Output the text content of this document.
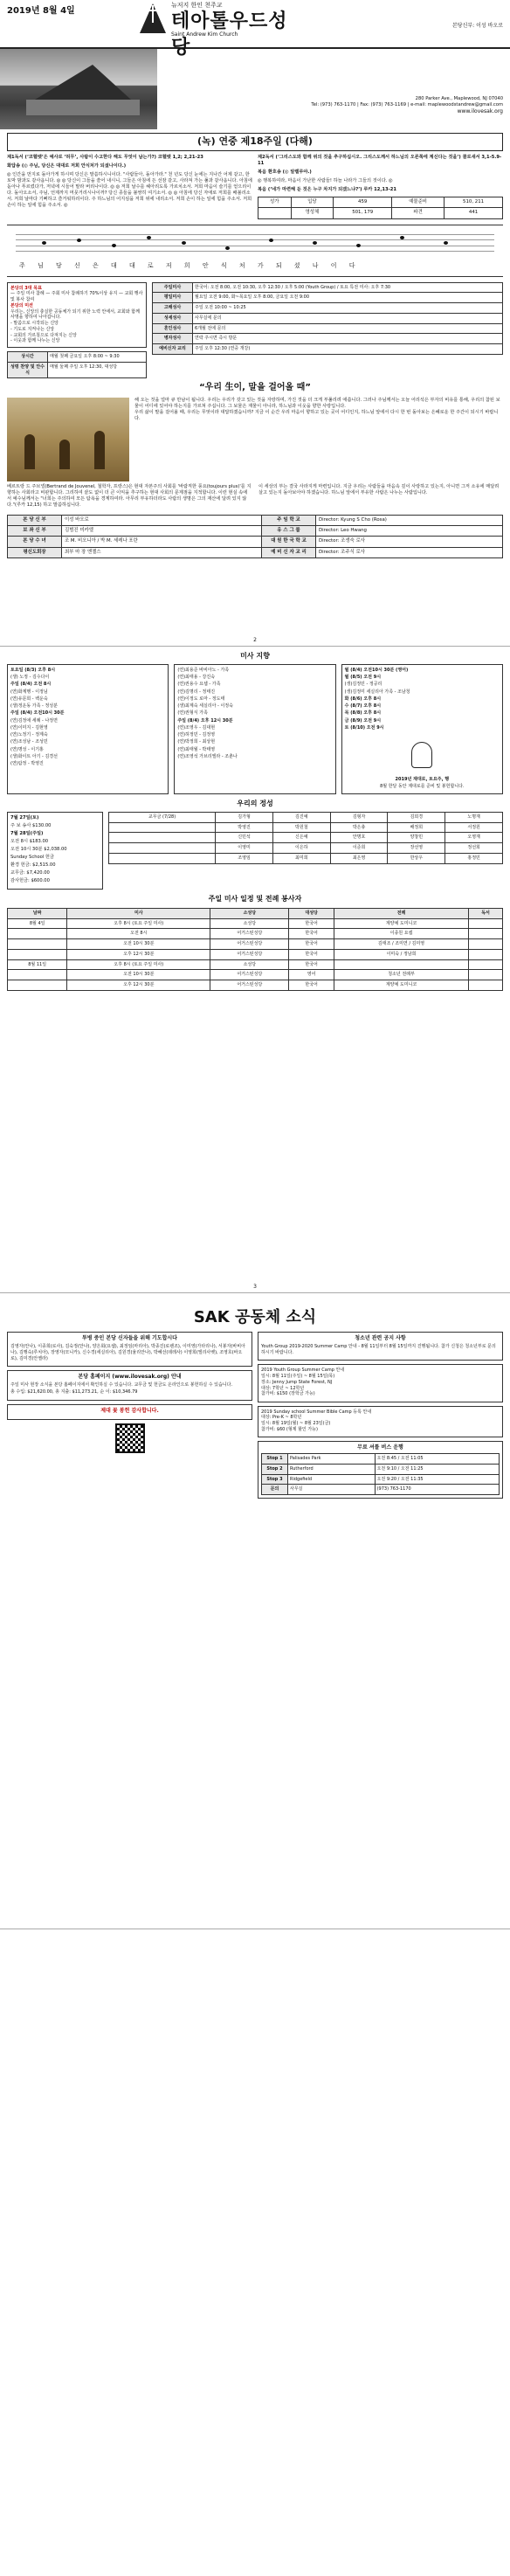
2019년 8월 4일
뉴저지 한인 천주교
테아톨우드성당
Saint Andrew Kim Church
본당신부: 이성 바오로
280 Parker Ave., Maplewood, NJ 07040
Tel: (973) 763-1170 | Fax: (973) 763-1169 | e-mail: maplewoodstandrew@gmail.com
www.ilovesak.org
(녹) 연중 제18주일 (다해)

제1독서 (‘코헬렛’은 예사로 ‘허무’, 사람이 수고한다 해도 무엇이 남는가?) 코헬렛 1,2; 2,21-23

화답송 (◎ 주님, 당신은 대대로 저희 안식처가 되셨나이다.)

◎ 인간을 먼지로 돌아가게 하시며 당신은 말씀하시니이다. "사람들아, 돌아가라." 천 년도 당신 눈에는 지나간 어제 같고, 한 토막 밤과도 같사옵니다. ◎ ◎ 당신이 그들을 쓸어 내시니, 그들은 아침에 든 선잠 같고, 사라져 가는 풀과 같사옵니다. 아침에 돋아나 푸르렀다가, 저녁에 시들어 말라 버리나이다. ◎ ◎ 저희 날수를 헤아리도록 가르치소서. 저희 마음이 슬기를 얻으리이다. 돌아오소서, 주님, 언제까지 머뭇거리시나이까? 당신 종들을 불쌍히 여기소서. ◎ ◎ 아침에 당신 자애로 저희를 배불리소서. 저희 날마다 기뻐하고 즐거워하리이다. 주 하느님의 어지심을 저희 위에 내리소서. 저희 손이 하는 일에 힘을 주소서. 저희 손이 하는 일에 힘을 주소서. ◎

제2독서 (‘그리스도와 함께 위의 것을 추구하십시오. 그리스도께서 하느님의 오른쪽에 계신다는 것을’) 콜로새서 3,1-5.9-11

복음 환호송 (◎ 알렐루야.)

◎ 행복하여라, 마음이 가난한 사람들! 하늘 나라가 그들의 것이다. ◎

복음 (‘네가 마련해 둔 것은 누구 차지가 되겠느냐?’) 루카 12,13-21

성가	입당	459	예물준비	510, 211
	영성체	501, 179	파견	441
주 님 당 신 은 대 대 로 저 희 안 식 처 가 되 셨 나 이 다
본당의 3대 목표
— 주일 미사 참례 — 주회 미사 참례하기 70%이상 유지 — 교회 행사 및 봉사 참여
본당의 미션
우리는, 신앙의 충실한 공동체가 되기 위한 노력 안에서, 교회와 함께 사명을 향하여 나아갑니다.
- 말씀으로 시작되는 신앙
- 기도로 지켜나는 신앙
- 교회의 가르침으로 다져지는 신앙
- 이웃과 함께 나누는 신앙
상시간	매월 첫째 금요일 오후 8:00 ~ 9:30
성령 찬양 및 안수식	매월 둘째 주일 오후 12:30, 대성당
주일미사	한국어: 오전 8:00, 오전 10:30, 오후 12:30 / 오후 5:00 (Youth Group) / 토요 특전 미사: 오후 7:30
평일미사	월요일 오전 9:00, 화~목요일 오후 8:00, 금요일 오전 9:00
고해성사	주일 오전 10:00 ~ 10:25
성세성사	사무실에 문의
혼인성사	6개월 전에 문의
병자성사	연락 주시면 즉시 방문
예비신자 교리	주일 오후 12:30 (연중 개강)
“우리 生이, 말을 걸어올 때”

해 오는 것을 얼마 큐 만남이 됩니다. 우리는 우리가 갖고 있는 것을 자랑하며, 가진 것을 더 크게 부풀리려 애씁니다. 그러나 주님께서는 오늘 어리석은 부자의 비유를 통해, 우리의 참된 보물이 어디에 있어야 하는지를 가르쳐 주십니다. 그 보물은 재물이 아니라, 하느님과 이웃을 향한 사랑입니다.

우리 삶이 말을 걸어올 때, 우리는 무엇이라 대답하겠습니까? 지금 이 순간 우리 마음이 향하고 있는 곳이 어디인지, 하느님 앞에서 다시 한 번 돌아보는 은혜로운 한 주간이 되시기 바랍니다.

베르트랑 드 주브넬(Bertrand de Jouvenel, 철학자, 프랑스)은 현대 자본주의 사회를 '바람직한 풍요(toujours plus)'를 지향하는 사회라고 비판합니다. 그리하여 끝도 없이 더 큰 이익을 추구하는 현대 사회의 문제점을 지적합니다. 이런 현실 속에서 예수님께서는 "너희는 주의하여 모든 탐욕을 경계하여라. 아무리 부유하더라도 사람의 생명은 그의 재산에 달려 있지 않다."(루카 12,15) 하고 말씀하십니다.

이 세상의 부는 결국 사라지게 마련입니다. 지금 우리는 사람들을 마음속 깊이 사랑하고 있는지, 아니면 그저 소유에 매달려 살고 있는지 돌아보아야 하겠습니다. 하느님 앞에서 부유한 사람은 나누는 사람입니다.

본 당 신 부	이성 바오로	주 임 학 교	Director: Kyung S Cho (Rosa)
보 좌 신 부	김범진 미카엘	유 스 그 룹	Director: Leo Hwang
본 당 수 녀	조 M. 비오니아 / 박 M. 세레나 포란	대 원 한 국 학 교	Director: 조생숙 로사
평신도회장	최부 마 장 엔젤스	예 비 신 자 교 리	Director: 조주식 로사
2
미사 지향

토요일 (8/3) 오후 8시

(생) 노정 - 김수다이

주일 (8/4) 오전 8시

(연)화계행 - 이정님

(연)유문희 - 백운숙

(생)정운동 가족 - 정성분

주일 (8/4) 오전10시 30분

(연)김정애 세례 - 나정면

(연)이미지 - 김현영

(연)노정기 - 정계숙

(연)조성남 - 조성민

(연)명성 - 이기홍

(생)화이트 아기 - 김경선

(연)탐정 - 박영진

(연)최용준 바비아노 - 가족

(연)최태용 - 강진숙

(연)권용수 요셉 - 가족

(연)김명리 - 정태진

(연)이정도 로마 - 정도태

(생)최계숙 세실리아 - 이정숙

(연)권형식 가족

주일 (8/4) 오후 12시 30분

(연)조영우 - 김대현

(연)허정민 - 김정영

(연)박정희 - 최상현

(연)최태월 - 박태영

(연)조영석 가브리엘라 - 조춘나

월 (8/4) 오전10시 30분 (영어)

월 (8/5) 오전 9시

(생)김정민 - 정공리

(생)김정미 세실리아 가족 - 조남청

화 (8/6) 오후 8시

수 (8/7) 오후 8시

목 (8/8) 오후 8시

금 (8/9) 오전 9시

토 (8/10) 오전 9시

2019년 재대로, 토요주, 행

8월 한달 동안 제대로를 준비 및 봉헌합니다.

우리의 정성

7월 27일(토)

주 보 송사 $130.00

7월 28일(주일)

오전 8시 $183.00

오전 10시 30분 $2,038.00

Sunday School 헌금

환경 헌금: $2,515.00

교무금: $7,420.00

감사헌금: $600.00

교무금 (7/28)	김가형	김진예	김형자	김희경	노명재
	박영진	박원철	박은총	배정희	서정원
	신민석	신은예	안명호	양창민	오영재
	이영미	이은하	이준희	장선영	정선희
	조영임	최미희	최은영	한상우	홍정민
주일 미사 일정 및 전례 봉사자
날짜	미사	소성당	대성당	전례	독서
8월 4일	오후 8시 (토요 주일 미사)	소성당	한국어	계양예 도미니코	
	오전 8시	어거스틴성당	한국어	이종원 요셉	
	오전 10시 30분	어거스틴성당	한국어	김태조 / 조미연 / 김미영	
	오후 12시 30분	어거스틴성당	한국어	이미숙 / 정남희	
8월 11일	오후 8시 (토요 주일 미사)	소성당	한국어		
	오전 10시 30분	어거스틴성당	영어	청소년 전례부	
	오후 12시 30분	어거스틴성당	한국어	계양예 도미니코	
3
SAK 공동체 소식
투병 중인 본당 신자들을 위해 기도합시다

김영자(안나), 이종희(로사), 김숙정(안나), 양은회(요셉), 최정임(마리아), 박종진(로렌조), 이미영(가타리나), 서봉자(바비아나), 김행숙(루치아), 장영자(모니카), 신수경(세실리아), 김원경(율리안나), 박혜선(데레사) 이영희(엘리사벳), 조영호(바오로), 김미경(안젤라)

본당 홈페이지 (www.ilovesak.org) 안내

주일 미사 현장 소식을 본당 홈페이지에서 확인하실 수 있습니다. 교무금 및 헌금도 온라인으로 봉헌하실 수 있습니다.

총 수입: $21,620.00, 총 지출: $11,273.21, 순 이: $10,346.79

제대 꽃 봉헌 감사합니다.
청소년 관련 공지 사항

Youth Group 2019-2020 Summer Camp 안내 - 8월 11일부터 8월 15일까지 진행됩니다. 참가 신청은 청소년부로 문의하시기 바랍니다.

2019 Youth Group Summer Camp 안내
일시: 8월 11일(주일) ~ 8월 15일(목)
장소: Jenny Jump State Forest, NJ
대상: 7학년 ~ 12학년
참가비: $150 (장학금 가능)

2019 Sunday school Summer Bible Camp 등록 안내
대상: Pre-K ~ 8학년
일시: 8월 19일(월) ~ 8월 23일(금)
참가비: $60 (형제 할인 가능)

무료 셔틀 버스 운행
Stop 1	Palisades Park	오전 8:45 / 오전 11:05
Stop 2	Rutherford	오전 9:10 / 오전 11:25
Stop 3	Ridgefield	오전 9:20 / 오전 11:35
문의	사무실	(973) 763-1170
